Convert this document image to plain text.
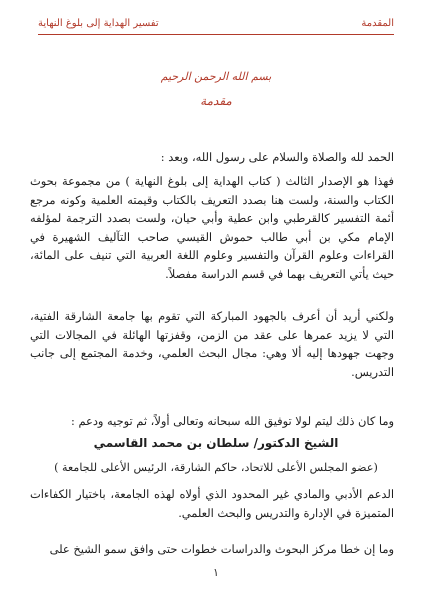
تفسير الهداية إلى بلوغ النهاية	المقدمة
بسم الله الرحمن الرحيم
مقدمة

الحمد لله والصلاة والسلام على رسول الله، وبعد :

فهذا هو الإصدار الثالث ( كتاب الهداية إلى بلوغ النهاية ) من مجموعة بحوث الكتاب والسنة، ولست هنا بصدد التعريف بالكتاب وقيمته العلمية وكونه مرجع أئمة التفسير كالقرطبي وابن عطية وأبي حيان، ولست بصدد الترجمة لمؤلفه الإمام مكي بن أبي طالب حموش القيسي صاحب التآليف الشهيرة في القراءات وعلوم القرآن والتفسير وعلوم اللغة العربية التي تنيف على المائة، حيث يأتي التعريف بهما في قسم الدراسة مفصلاً.

ولكني أريد أن أعرف بالجهود المباركة التي تقوم بها جامعة الشارقة الفتية، التي لا يزيد عمرها على عقد من الزمن، وقفزتها الهائلة في المجالات التي وجهت جهودها إليه ألا وهي: مجال البحث العلمي، وخدمة المجتمع إلى جانب التدريس.

وما كان ذلك ليتم لولا توفيق الله سبحانه وتعالى أولاً، ثم توجيه ودعم :

الشيخ الدكتور/ سلطان بن محمد القاسمي
(عضو المجلس الأعلى للاتحاد، حاكم الشارقة، الرئيس الأعلى للجامعة )

الدعم الأدبي والمادي غير المحدود الذي أولاه لهذه الجامعة، باختيار الكفاءات المتميزة في الإدارة والتدريس والبحث العلمي.

وما إن خطا مركز البحوث والدراسات خطوات حتى وافق سمو الشيخ على

١
